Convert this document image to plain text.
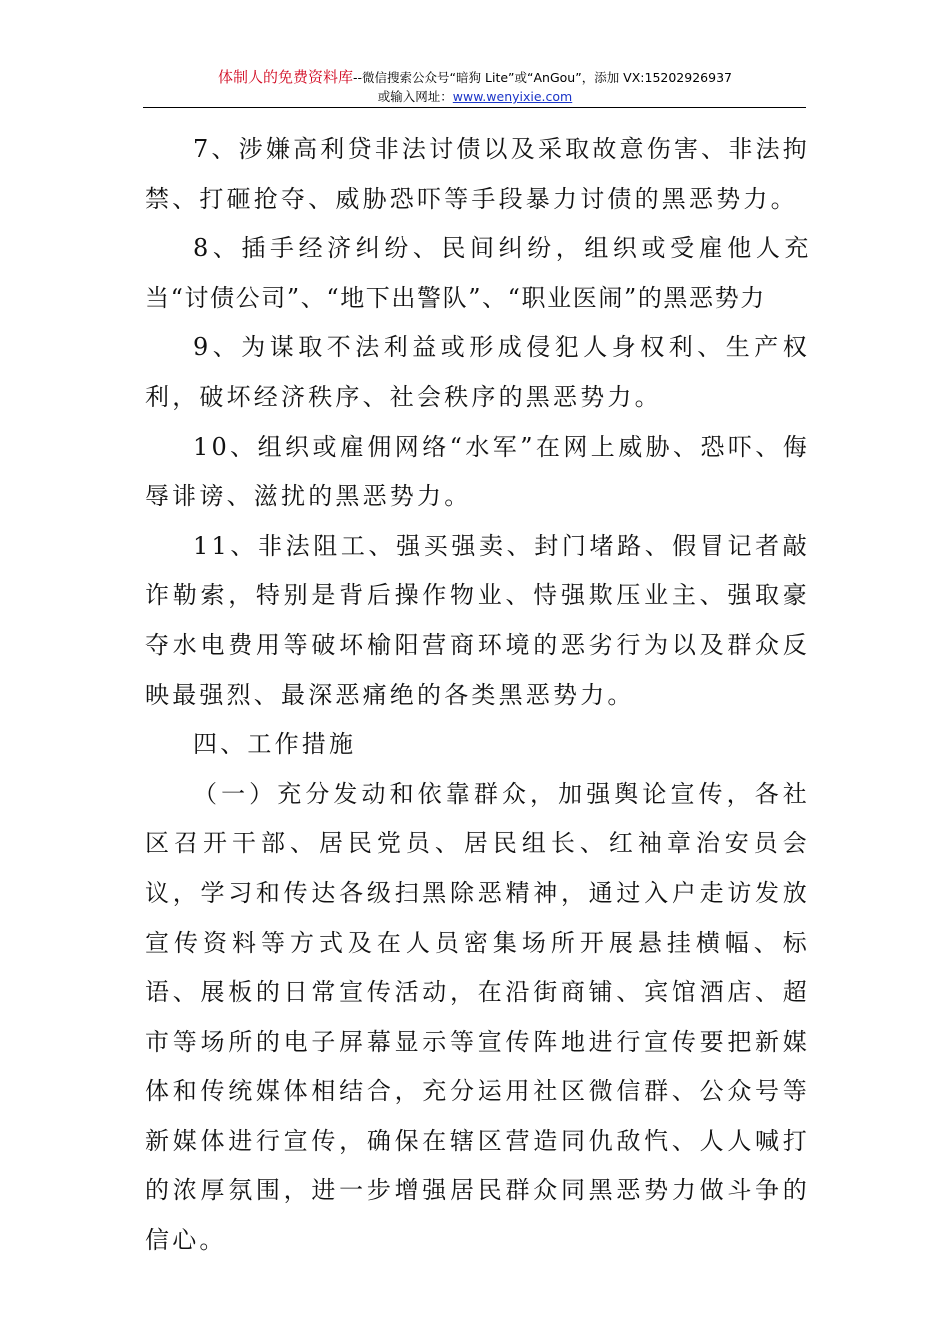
体制人的免费资料库--微信搜索公众号“暗狗 Lite”或“AnGou”，添加 VX:15202926937
或输入网址：www.wenyixie.com

7、涉嫌高利贷非法讨债以及采取故意伤害、非法拘禁、打砸抢夺、威胁恐吓等手段暴力讨债的黑恶势力。

8、插手经济纠纷、民间纠纷，组织或受雇他人充当“讨债公司”、“地下出警队”、“职业医闹”的黑恶势力

9、为谋取不法利益或形成侵犯人身权利、生产权利，破坏经济秩序、社会秩序的黑恶势力。

10、组织或雇佣网络“水军”在网上威胁、恐吓、侮辱诽谤、滋扰的黑恶势力。

11、非法阻工、强买强卖、封门堵路、假冒记者敲诈勒索，特别是背后操作物业、恃强欺压业主、强取豪夺水电费用等破坏榆阳营商环境的恶劣行为以及群众反映最强烈、最深恶痛绝的各类黑恶势力。

四、工作措施

（一）充分发动和依靠群众，加强舆论宣传，各社区召开干部、居民党员、居民组长、红袖章治安员会议，学习和传达各级扫黑除恶精神，通过入户走访发放宣传资料等方式及在人员密集场所开展悬挂横幅、标语、展板的日常宣传活动，在沿街商铺、宾馆酒店、超市等场所的电子屏幕显示等宣传阵地进行宣传要把新媒体和传统媒体相结合，充分运用社区微信群、公众号等新媒体进行宣传，确保在辖区营造同仇敌忾、人人喊打的浓厚氛围，进一步增强居民群众同黑恶势力做斗争的信心。
